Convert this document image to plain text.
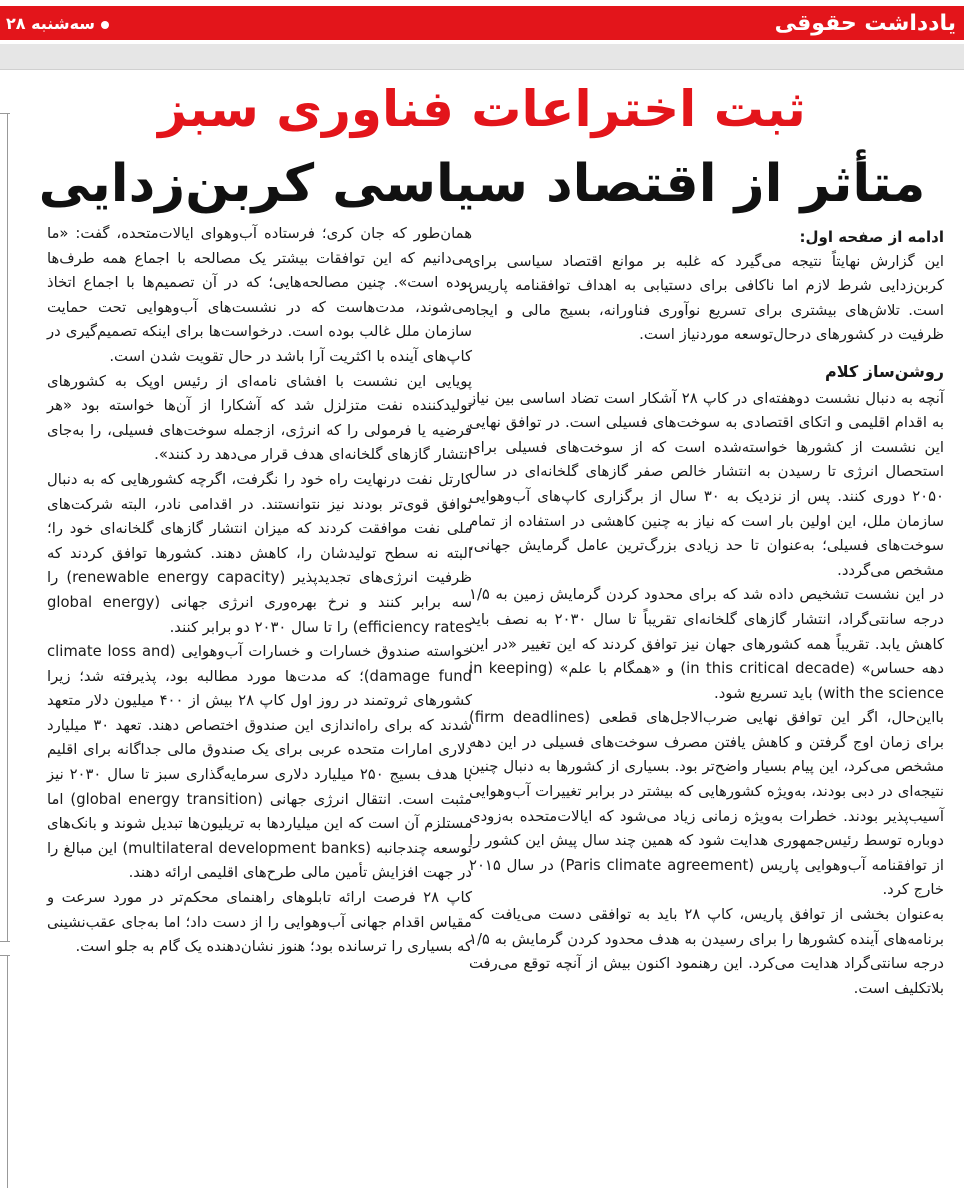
یادداشت حقوقی
سه‌شنبه ۲۸
ثبت اختراعات فناوری سبز
متأثر از اقتصاد سیاسی کربن‌زدایی

ادامه از صفحه اول:

این گزارش نهایتاً نتیجه می‌گیرد که غلبه بر موانع اقتصاد سیاسی برای کربن‌زدایی شرط لازم اما ناکافی برای دستیابی به اهداف توافقنامه پاریس است. تلاش‌های بیشتری برای تسریع نوآوری فناورانه، بسیج مالی و ایجاد ظرفیت در کشورهای درحال‌توسعه موردنیاز است.

روشن‌ساز کلام

آنچه به دنبال نشست دوهفته‌ای در کاپ ۲۸ آشکار است تضاد اساسی بین نیاز به اقدام اقلیمی و اتکای اقتصادی به سوخت‌های فسیلی است. در توافق نهایی این نشست از کشورها خواسته‌شده است که از سوخت‌های فسیلی برای استحصال انرژی تا رسیدن به انتشار خالص صفر گازهای گلخانه‌ای در سال ۲۰۵۰ دوری کنند. پس از نزدیک به ۳۰ سال از برگزاری کاپ‌های آب‌وهوایی سازمان ملل، این اولین بار است که نیاز به چنین کاهشی در استفاده از تمام سوخت‌های فسیلی؛ به‌عنوان تا حد زیادی بزرگ‌ترین عامل گرمایش جهانی، مشخص می‌گردد.

در این نشست تشخیص داده شد که برای محدود کردن گرمایش زمین به ۱/۵ درجه سانتی‌گراد، انتشار گازهای گلخانه‌ای تقریباً تا سال ۲۰۳۰ به نصف باید کاهش یابد. تقریباً همه کشورهای جهان نیز توافق کردند که این تغییر «در این دهه حساس» (in this critical decade) و «همگام با علم» (in keeping with the science) باید تسریع شود.

بااین‌حال، اگر این توافق نهایی ضرب‌الاجل‌های قطعی (firm deadlines) برای زمان اوج گرفتن و کاهش یافتن مصرف سوخت‌های فسیلی در این دهه مشخص می‌کرد، این پیام بسیار واضح‌تر بود. بسیاری از کشورها به دنبال چنین نتیجه‌ای در دبی بودند، به‌ویژه کشورهایی که بیشتر در برابر تغییرات آب‌وهوایی آسیب‌پذیر بودند. خطرات به‌ویژه زمانی زیاد می‌شود که ایالات‌متحده به‌زودی دوباره توسط رئیس‌جمهوری هدایت شود که همین چند سال پیش این کشور را از توافقنامه آب‌وهوایی پاریس (Paris climate agreement) در سال ۲۰۱۵ خارج کرد.

به‌عنوان بخشی از توافق پاریس، کاپ ۲۸ باید به توافقی دست می‌یافت که برنامه‌های آینده کشورها را برای رسیدن به هدف محدود کردن گرمایش به ۱/۵ درجه سانتی‌گراد هدایت می‌کرد. این رهنمود اکنون بیش از آنچه توقع می‌رفت بلاتکلیف است.

همان‌طور که جان کری؛ فرستاده آب‌وهوای ایالات‌متحده، گفت: «ما می‌دانیم که این توافقات بیشتر یک مصالحه با اجماع همه طرف‌ها بوده است». چنین مصالحه‌هایی؛ که در آن تصمیم‌ها با اجماع اتخاذ می‌شوند، مدت‌هاست که در نشست‌های آب‌وهوایی تحت حمایت سازمان ملل غالب بوده است. درخواست‌ها برای اینکه تصمیم‌گیری در کاپ‌های آینده با اکثریت آرا باشد در حال تقویت شدن است.

پویایی این نشست با افشای نامه‌ای از رئیس اوپک به کشورهای تولیدکننده نفت متزلزل شد که آشکارا از آن‌ها خواسته بود «هر فرضیه یا فرمولی را که انرژی، ازجمله سوخت‌های فسیلی، را به‌جای انتشار گازهای گلخانه‌ای هدف قرار می‌دهد رد کنند».

کارتل نفت درنهایت راه خود را نگرفت، اگرچه کشورهایی که به دنبال توافق قوی‌تر بودند نیز نتوانستند. در اقدامی نادر، البته شرکت‌های ملی نفت موافقت کردند که میزان انتشار گازهای گلخانه‌ای خود را؛ البته نه سطح تولیدشان را، کاهش دهند. کشورها توافق کردند که ظرفیت انرژی‌های تجدیدپذیر (renewable energy capacity) را سه برابر کنند و نرخ بهره‌وری انرژی جهانی (global energy efficiency rates) را تا سال ۲۰۳۰ دو برابر کنند.

خواسته صندوق خسارات و خسارات آب‌وهوایی (climate loss and damage fund)؛ که مدت‌ها مورد مطالبه بود، پذیرفته شد؛ زیرا کشورهای ثروتمند در روز اول کاپ ۲۸ بیش از ۴۰۰ میلیون دلار متعهد شدند که برای راه‌اندازی این صندوق اختصاص دهند. تعهد ۳۰ میلیارد دلاری امارات متحده عربی برای یک صندوق مالی جداگانه برای اقلیم با هدف بسیج ۲۵۰ میلیارد دلاری سرمایه‌گذاری سبز تا سال ۲۰۳۰ نیز مثبت است. انتقال انرژی جهانی (global energy transition) اما مستلزم آن است که این میلیاردها به تریلیون‌ها تبدیل شوند و بانک‌های توسعه چندجانبه (multilateral development banks) این مبالغ را در جهت افزایش تأمین مالی طرح‌های اقلیمی ارائه دهند.

کاپ ۲۸ فرصت ارائه تابلوهای راهنمای محکم‌تر در مورد سرعت و مقیاس اقدام جهانی آب‌وهوایی را از دست داد؛ اما به‌جای عقب‌نشینی که بسیاری را ترسانده بود؛ هنوز نشان‌دهنده یک گام به جلو است.
